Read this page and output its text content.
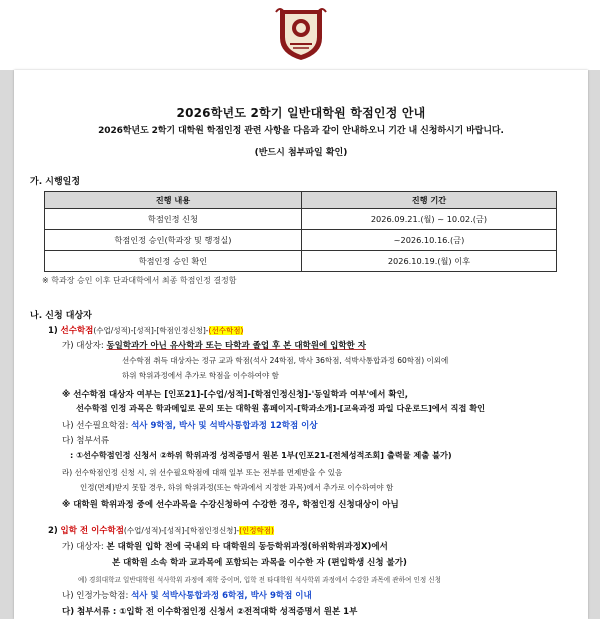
2026학년도 2학기 일반대학원 학점인정 안내
2026학년도 2학기 대학원 학점인정 관련 사항을 다음과 같이 안내하오니 기간 내 신청하시기 바랍니다.
(반드시 첨부파일 확인)
가. 시행일정
진행 내용	진행 기간
학점인정 신청	2026.09.21.(월) ~ 10.02.(금)
학점인정 승인(학과장 및 행정실)	~2026.10.16.(금)
학점인정 승인 확인	2026.10.19.(월) 이후
※ 학과장 승인 이후 단과대학에서 최종 학점인정 결정함
나. 신청 대상자
1) 선수학점(수업/성적)-[성적]-[학점인정신청]-(선수학점)
가) 대상자: 동일학과가 아닌 유사학과 또는 타학과 졸업 후 본 대학원에 입학한 자
선수학점 취득 대상자는 정규 교과 학점(석사 24학점, 박사 36학점, 석박사통합과정 60학점) 이외에
하위 학위과정에서 추가로 학점을 이수하여야 함
※ 선수학점 대상자 여부는 [인포21]-[수업/성적]-[학점인정신청]-'동일학과 여부'에서 확인,
선수학점 인정 과목은 학과메일로 문의 또는 대학원 홈페이지-[학과소개]-[교육과정 파일 다운로드]에서 직접 확인
나) 선수필요학점: 석사 9학점, 박사 및 석박사통합과정 12학점 이상
다) 첨부서류
: ①선수학점인정 신청서 ②하위 학위과정 성적증명서 원본 1부(인포21-[전체성적조회] 출력물 제출 불가)
라) 선수학점인정 신청 시, 위 선수필요학점에 대해 일부 또는 전부를 면제받을 수 있음
인정(면제)받지 못할 경우, 하위 학위과정(또는 학과에서 지정한 과목)에서 추가로 이수하여야 함
※ 대학원 학위과정 중에 선수과목을 수강신청하여 수강한 경우, 학점인정 신청대상이 아님
2) 입학 전 이수학점(수업/성적)-[성적]-[학점인정신청]-(인정학점)
가) 대상자: 본 대학원 입학 전에 국내외 타 대학원의 동등학위과정(하위학위과정X)에서
본 대학원 소속 학과 교과목에 포함되는 과목을 이수한 자 (편입학생 신청 불가)
예) 경희대학교 일반대학원 석사학위 과정에 재학 중이며, 입학 전 타대학원 석사학위 과정에서 수강한 과목에 관하여 인정 신청
나) 인정가능학점: 석사 및 석박사통합과정 6학점, 박사 9학점 이내
다) 첨부서류 : ①입학 전 이수학점인정 신청서 ②전적대학 성적증명서 원본 1부
